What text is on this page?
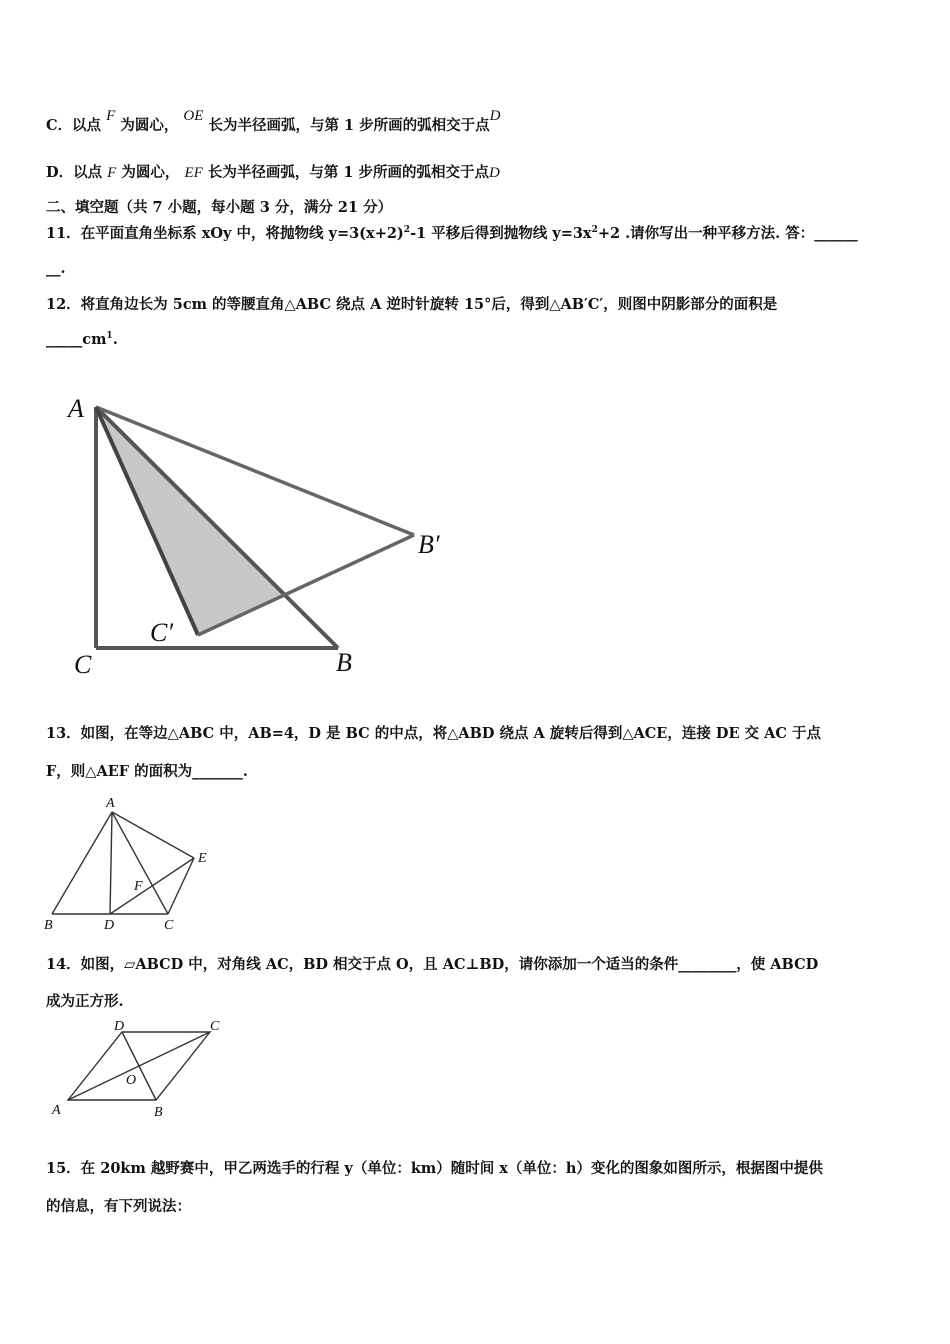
C．以点 F 为圆心， OE 长为半径画弧，与第 1 步所画的弧相交于点D
D．以点 F 为圆心， EF 长为半径画弧，与第 1 步所画的弧相交于点D
二、填空题（共 7 小题，每小题 3 分，满分 21 分）
11．在平面直角坐标系 xOy 中，将抛物线 $y=3(x+2)^2-1$ 平移后得到抛物线 $y=3x^2+2$ .请你写出一种平移方法. 答：______
__.
12．将直角边长为 5cm 的等腰直角△ABC 绕点 A 逆时针旋转 15°后，得到△AB′C′，则图中阴影部分的面积是
$\_\_\_\_\_cm^1$.
A
C	B
B′
C′
13．如图，在等边△ABC 中，AB=4，D 是 BC 的中点，将△ABD 绕点 A 旋转后得到△ACE，连接 DE 交 AC 于点
F，则△AEF 的面积为_______.
A
B	D	C
E
F
14．如图，▱ABCD 中，对角线 AC，BD 相交于点 O，且 AC⊥BD，请你添加一个适当的条件________，使 ABCD
成为正方形.
A	B
C
D
O
15．在 20km 越野赛中，甲乙两选手的行程 y（单位：km）随时间 x（单位：h）变化的图象如图所示，根据图中提供
的信息，有下列说法：
